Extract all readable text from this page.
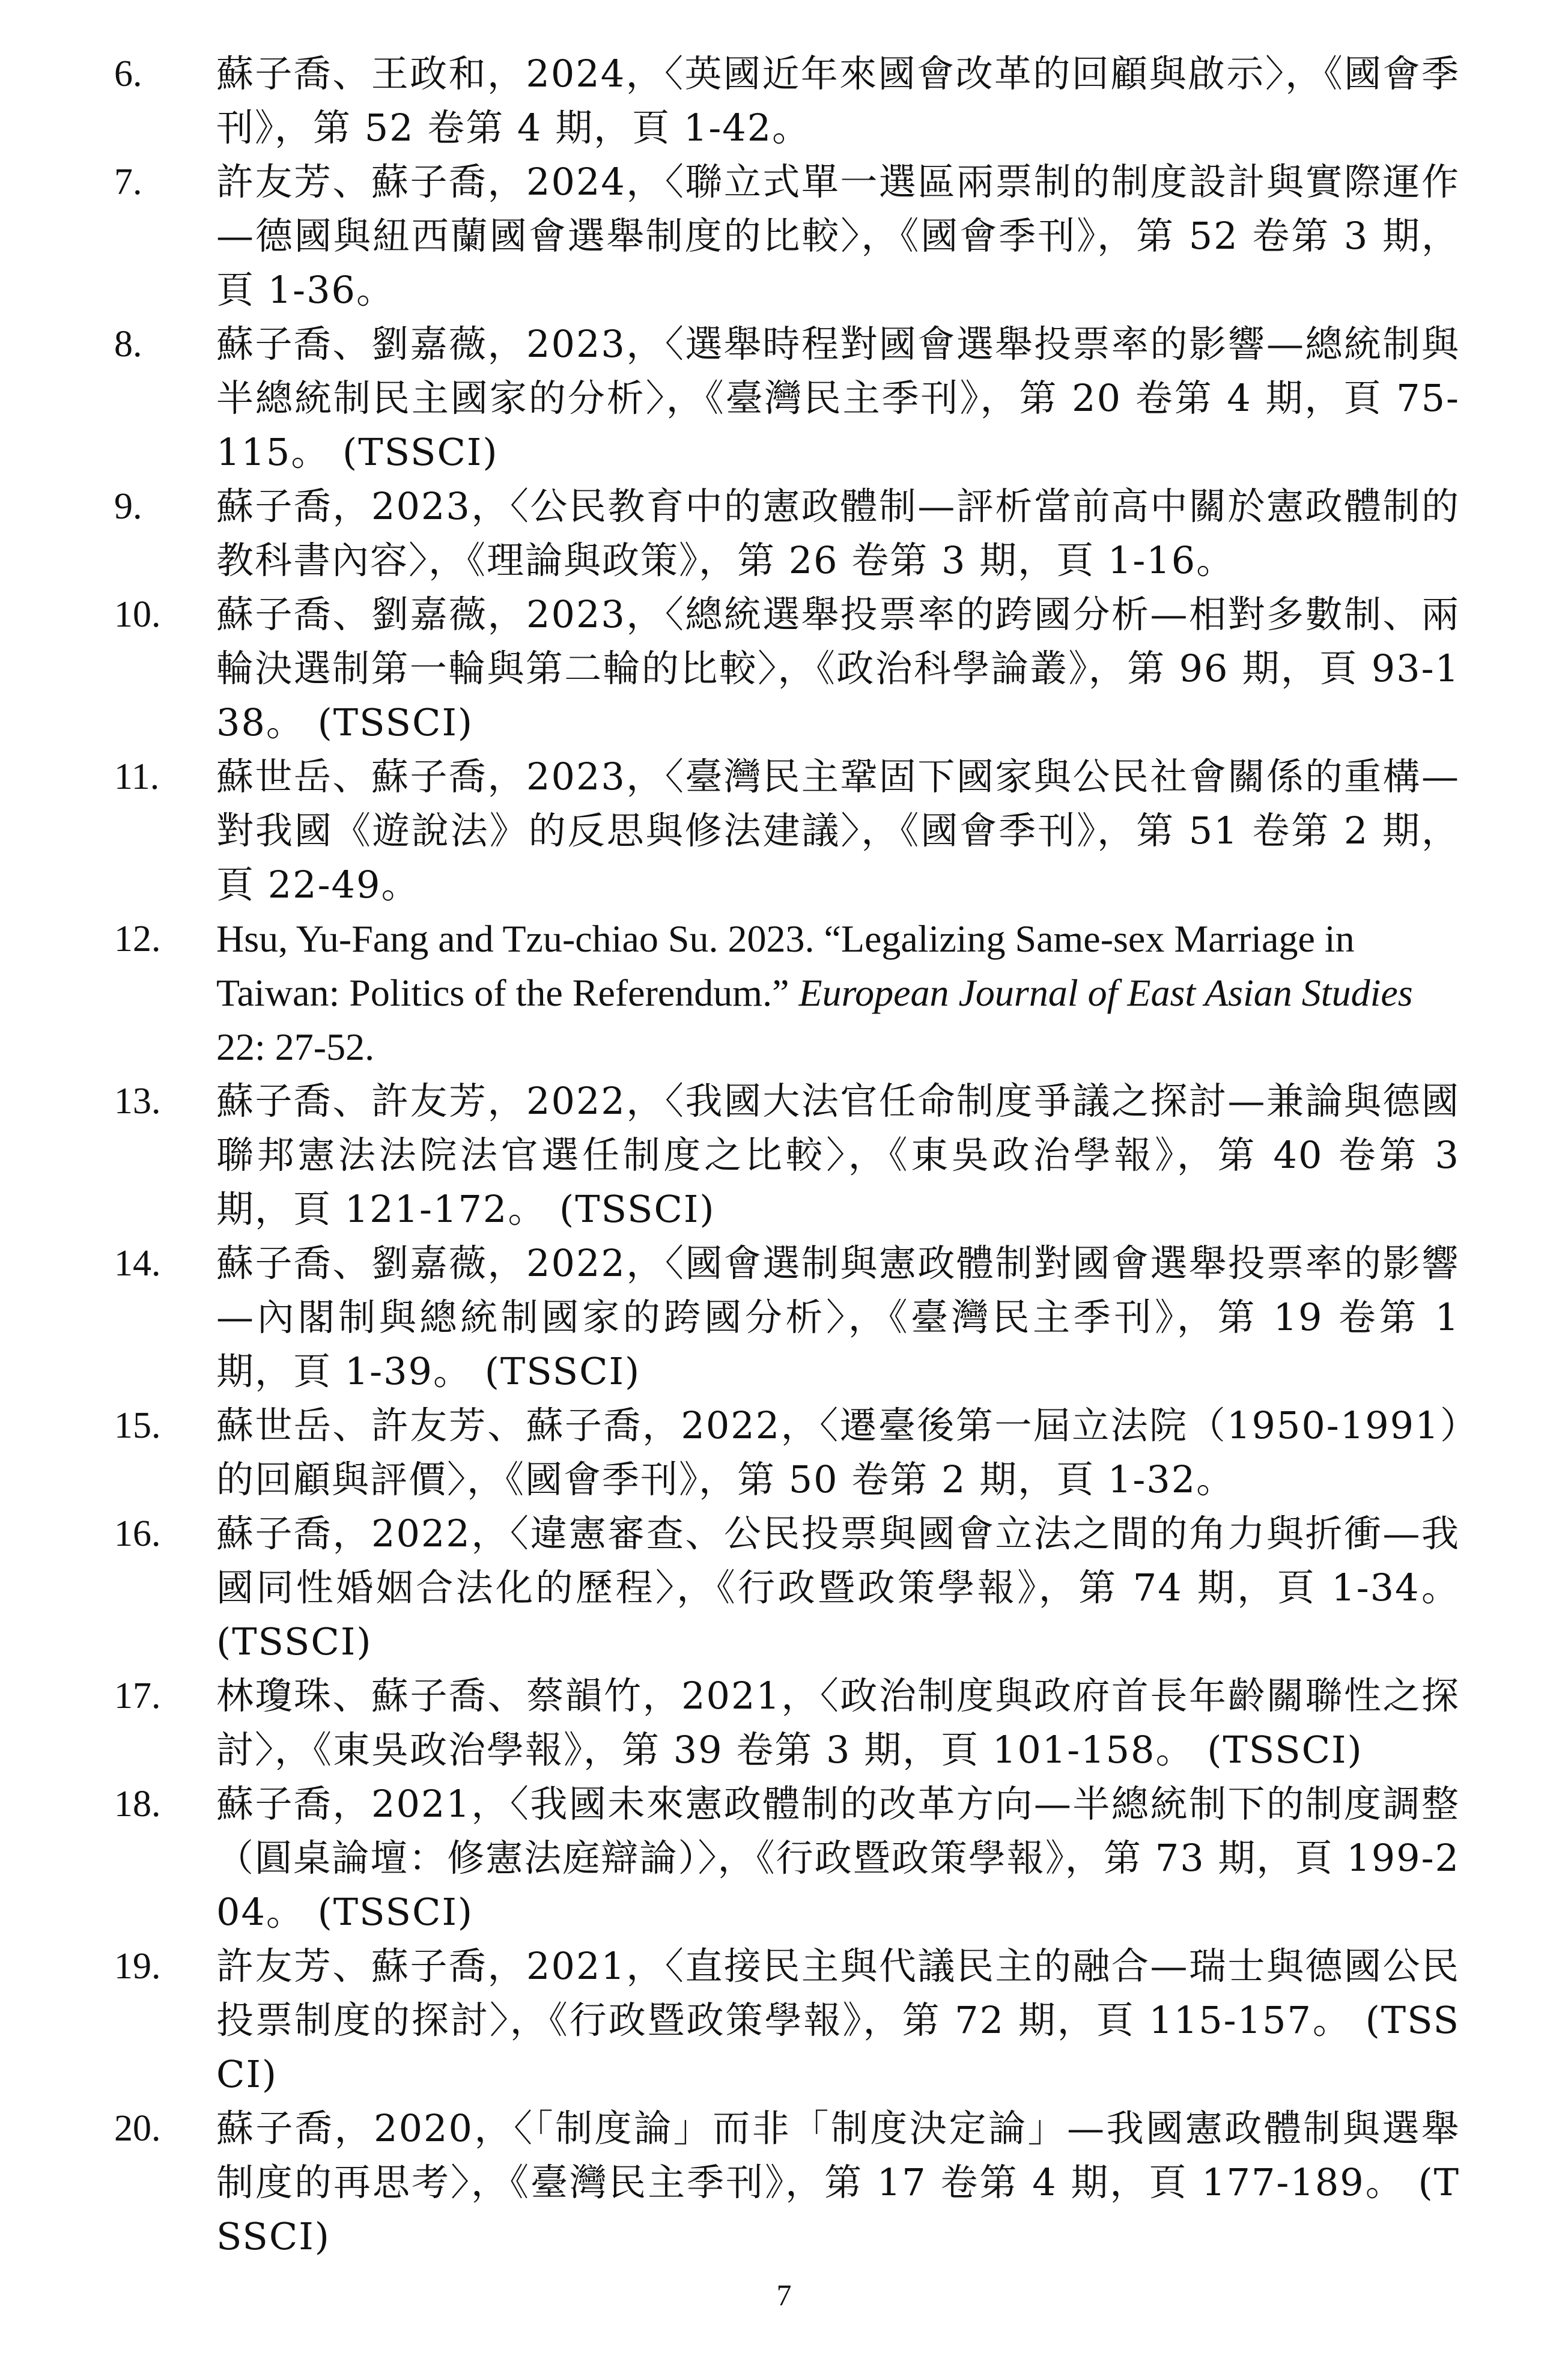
6.	蘇子喬、王政和，2024，〈英國近年來國會改革的回顧與啟示〉，《國會季刊》，第 52 卷第 4 期，頁 1-42。
7.	許友芳、蘇子喬，2024，〈聯立式單一選區兩票制的制度設計與實際運作—德國與紐西蘭國會選舉制度的比較〉，《國會季刊》，第 52 卷第 3 期，頁 1-36。
8.	蘇子喬、劉嘉薇，2023，〈選舉時程對國會選舉投票率的影響—總統制與半總統制民主國家的分析〉，《臺灣民主季刊》，第 20 卷第 4 期，頁 75-115。 (TSSCI)
9.	蘇子喬，2023，〈公民教育中的憲政體制—評析當前高中關於憲政體制的教科書內容〉，《理論與政策》，第 26 卷第 3 期，頁 1-16。
10.	蘇子喬、劉嘉薇，2023，〈總統選舉投票率的跨國分析—相對多數制、兩輪決選制第一輪與第二輪的比較〉，《政治科學論叢》，第 96 期，頁 93-138。 (TSSCI)
11.	蘇世岳、蘇子喬，2023，〈臺灣民主鞏固下國家與公民社會關係的重構—對我國《遊說法》的反思與修法建議〉，《國會季刊》，第 51 卷第 2 期，頁 22-49。
12.	Hsu, Yu-Fang and Tzu-chiao Su. 2023. “Legalizing Same-sex Marriage in Taiwan: Politics of the Referendum.” European Journal of East Asian Studies 22: 27-52.
13.	蘇子喬、許友芳，2022，〈我國大法官任命制度爭議之探討—兼論與德國聯邦憲法法院法官選任制度之比較〉，《東吳政治學報》，第 40 卷第 3 期，頁 121-172。 (TSSCI)
14.	蘇子喬、劉嘉薇，2022，〈國會選制與憲政體制對國會選舉投票率的影響—內閣制與總統制國家的跨國分析〉，《臺灣民主季刊》，第 19 卷第 1 期，頁 1-39。 (TSSCI)
15.	蘇世岳、許友芳、蘇子喬，2022，〈遷臺後第一屆立法院（1950-1991）的回顧與評價〉，《國會季刊》，第 50 卷第 2 期，頁 1-32。
16.	蘇子喬，2022，〈違憲審查、公民投票與國會立法之間的角力與折衝—我國同性婚姻合法化的歷程〉，《行政暨政策學報》，第 74 期，頁 1-34。 (TSSCI)
17.	林瓊珠、蘇子喬、蔡韻竹，2021，〈政治制度與政府首長年齡關聯性之探討〉，《東吳政治學報》，第 39 卷第 3 期，頁 101-158。 (TSSCI)
18.	蘇子喬，2021，〈我國未來憲政體制的改革方向—半總統制下的制度調整（圓桌論壇：修憲法庭辯論）〉，《行政暨政策學報》，第 73 期，頁 199-204。 (TSSCI)
19.	許友芳、蘇子喬，2021，〈直接民主與代議民主的融合—瑞士與德國公民投票制度的探討〉，《行政暨政策學報》，第 72 期，頁 115-157。 (TSSCI)
20.	蘇子喬，2020，〈「制度論」而非「制度決定論」—我國憲政體制與選舉制度的再思考〉，《臺灣民主季刊》，第 17 卷第 4 期，頁 177-189。 (TSSCI)
7
